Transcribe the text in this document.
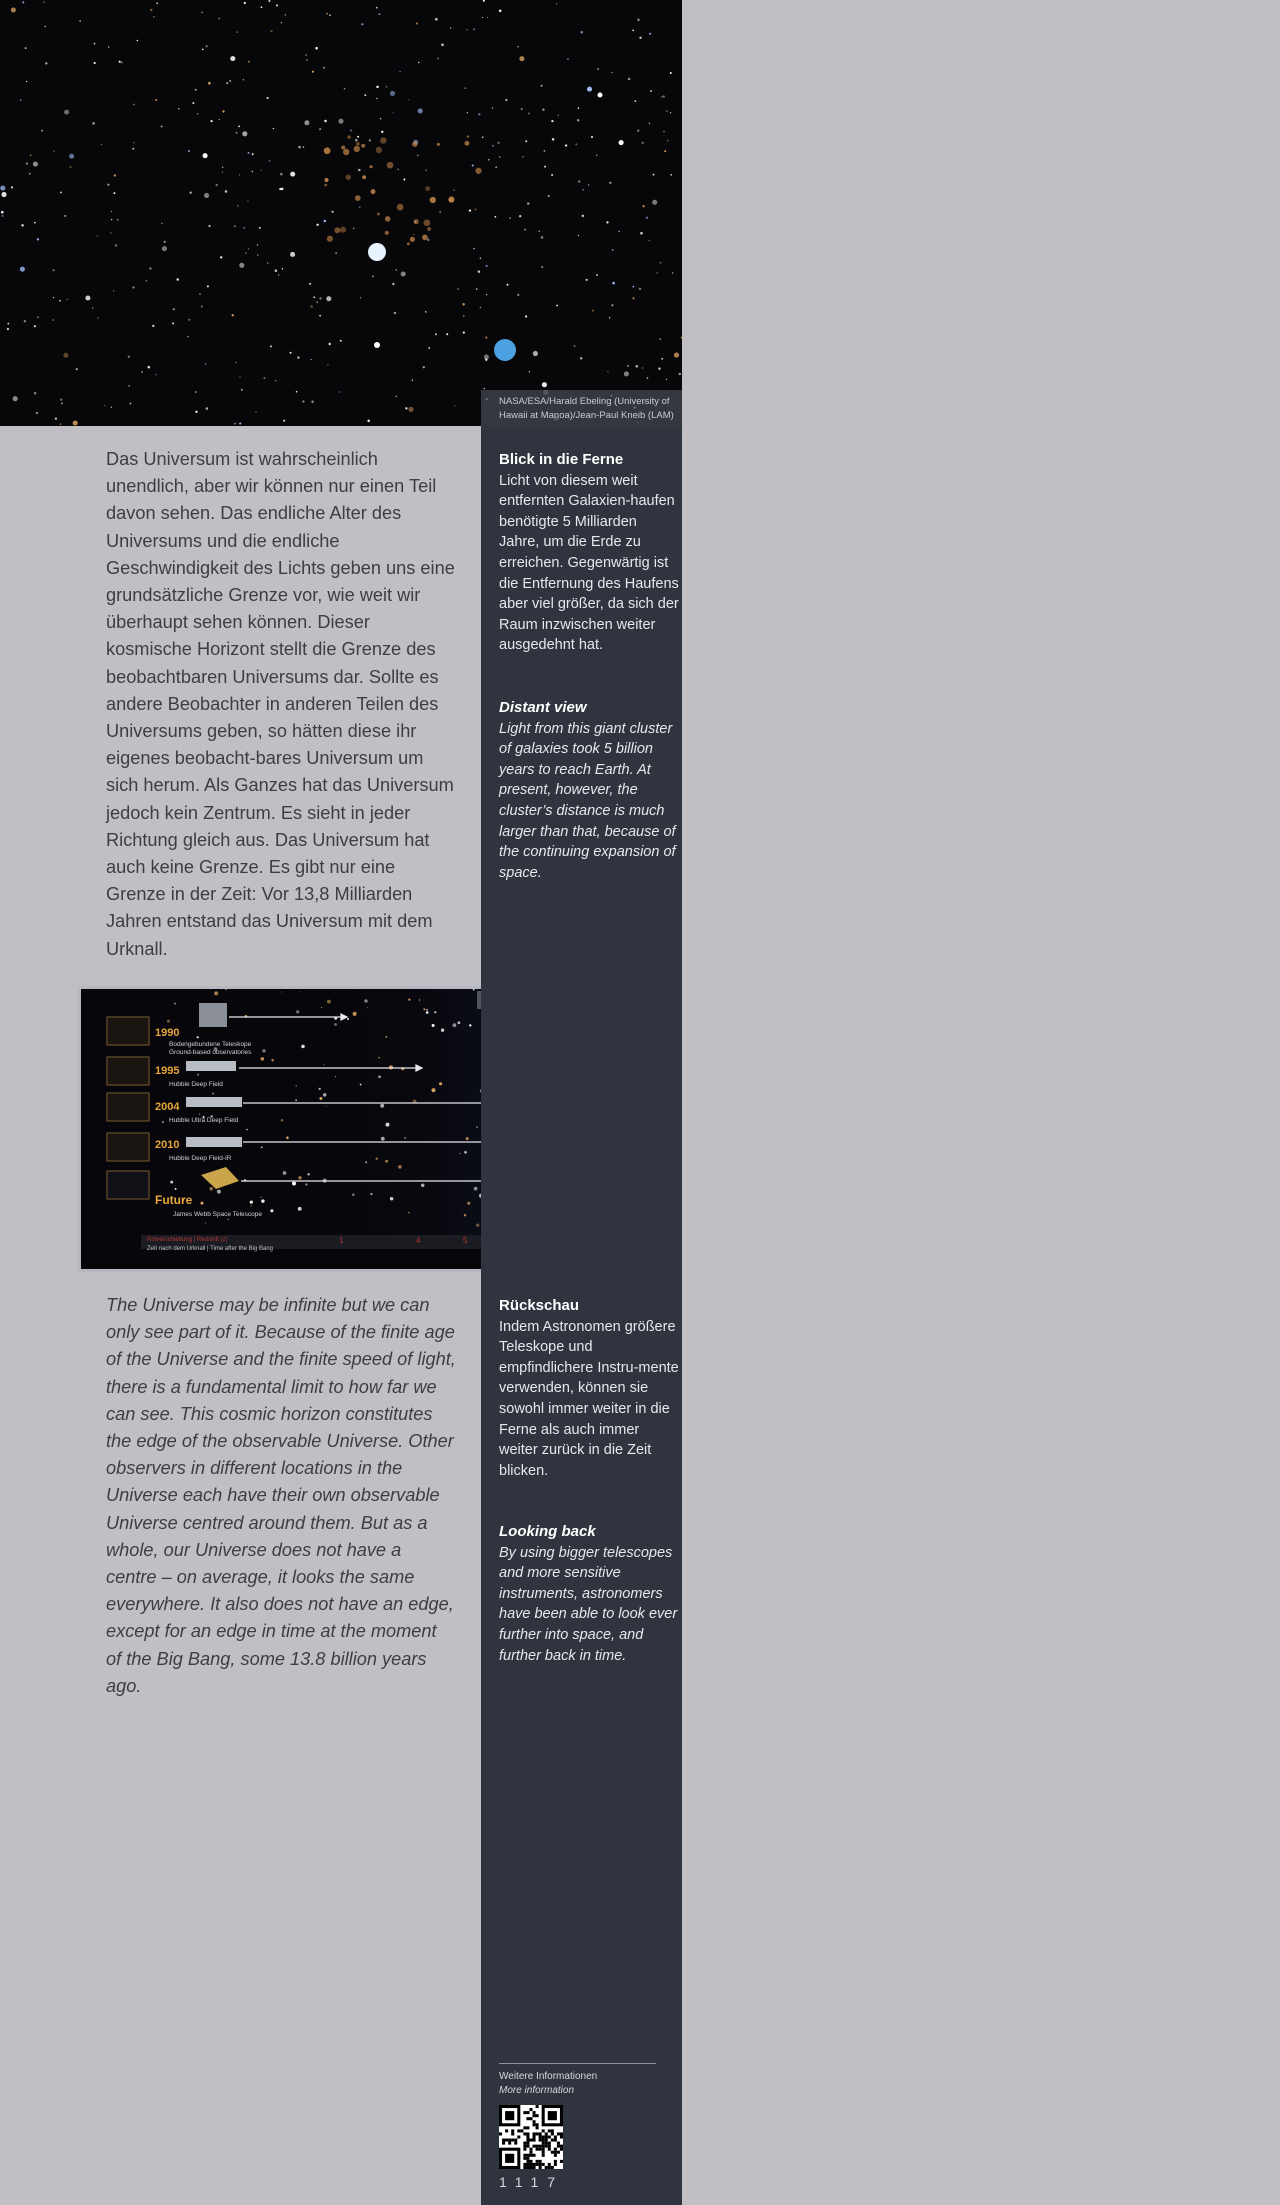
NASA/ESA/Harald Ebeling (University of Hawaii at Manoa)/Jean-Paul Kneib (LAM)
Das Universum ist wahrscheinlich unendlich, aber wir können nur einen Teil davon sehen. Das endliche Alter des Universums und die endliche Geschwindigkeit des Lichts geben uns eine grundsätzliche Grenze vor, wie weit wir überhaupt sehen können. Dieser kosmische Horizont stellt die Grenze des beobachtbaren Universums dar. Sollte es andere Beobachter in anderen Teilen des Universums geben, so hätten diese ihr eigenes beobacht-bares Universum um sich herum. Als Ganzes hat das Universum jedoch kein Zentrum. Es sieht in jeder Richtung gleich aus. Das Universum hat auch keine Grenze. Es gibt nur eine Grenze in der Zeit: Vor 13,8 Milliarden Jahren entstand das Universum mit dem Urknall.
1990
Bodengebundene Teleskope
Ground-based observatories
1995
Hubble Deep Field
2004
Hubble Ultra Deep Field
2010
Hubble Deep Field-IR
Future
James Webb Space Telescope
Rotverschiebung | Redshift (z)
Zeit nach dem Urknall | Time after the Big Bang
1	4	5
The Universe may be infinite but we can only see part of it. Because of the finite age of the Universe and the finite speed of light, there is a fundamental limit to how far we can see. This cosmic horizon constitutes the edge of the observable Universe. Other observers in different locations in the Universe each have their own observable Universe centred around them. But as a whole, our Universe does not have a centre – on average, it looks the same everywhere. It also does not have an edge, except for an edge in time at the moment of the Big Bang, some 13.8 billion years ago.
Blick in die Ferne
Licht von diesem weit entfernten Galaxien-haufen benötigte 5 Milliarden Jahre, um die Erde zu erreichen. Gegenwärtig ist die Entfernung des Haufens aber viel größer, da sich der Raum inzwischen weiter ausgedehnt hat.
Distant view
Light from this giant cluster of galaxies took 5 billion years to reach Earth. At present, however, the cluster’s distance is much larger than that, because of the continuing expansion of space.
Rückschau
Indem Astronomen größere Teleskope und empfindlichere Instru-mente verwenden, können sie sowohl immer weiter in die Ferne als auch immer weiter zurück in die Zeit blicken.
Looking back
By using bigger telescopes and more sensitive instruments, astronomers have been able to look ever further into space, and further back in time.
Weitere Informationen
More information
1117
